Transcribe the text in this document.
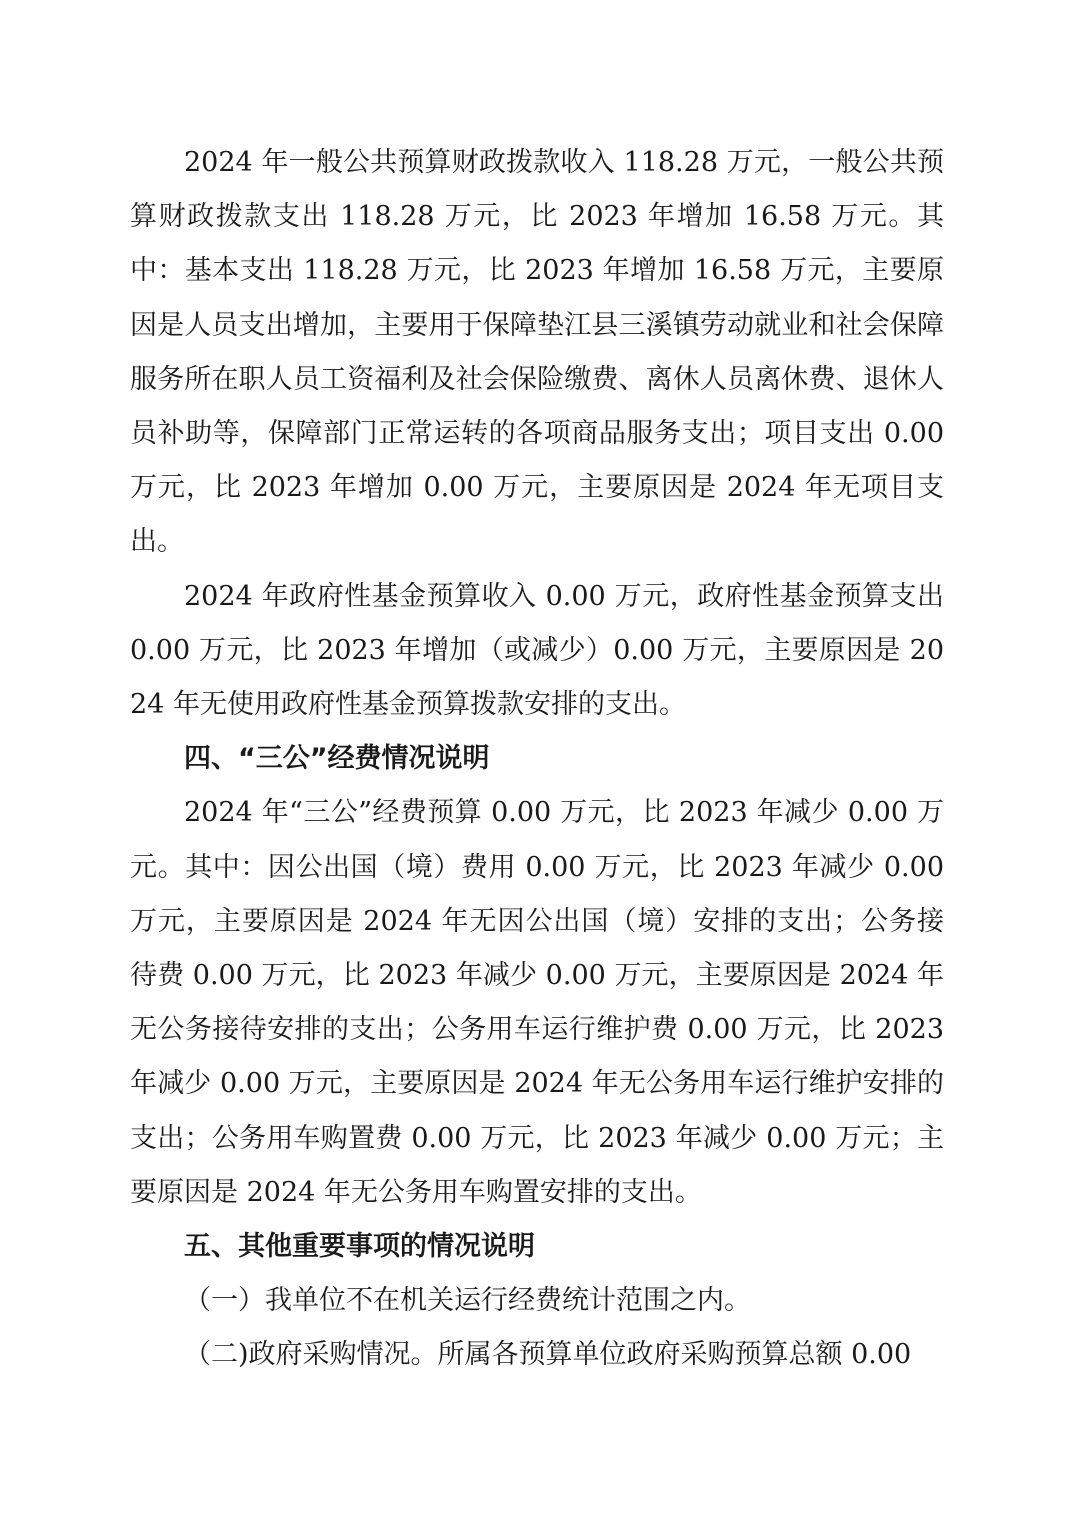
2024 年一般公共预算财政拨款收入 118.28 万元，一般公共预算财政拨款支出 118.28 万元，比 2023 年增加 16.58 万元。其中：基本支出 118.28 万元，比 2023 年增加 16.58 万元，主要原因是人员支出增加，主要用于保障垫江县三溪镇劳动就业和社会保障服务所在职人员工资福利及社会保险缴费、离休人员离休费、退休人员补助等，保障部门正常运转的各项商品服务支出；项目支出 0.00 万元，比 2023 年增加 0.00 万元，主要原因是 2024 年无项目支出。

2024 年政府性基金预算收入 0.00 万元，政府性基金预算支出 0.00 万元，比 2023 年增加（或减少）0.00 万元，主要原因是 2024 年无使用政府性基金预算拨款安排的支出。

四、“三公”经费情况说明

2024 年“三公”经费预算 0.00 万元，比 2023 年减少 0.00 万元。其中：因公出国（境）费用 0.00 万元，比 2023 年减少 0.00 万元，主要原因是 2024 年无因公出国（境）安排的支出；公务接待费 0.00 万元，比 2023 年减少 0.00 万元，主要原因是 2024 年无公务接待安排的支出；公务用车运行维护费 0.00 万元，比 2023 年减少 0.00 万元，主要原因是 2024 年无公务用车运行维护安排的支出；公务用车购置费 0.00 万元，比 2023 年减少 0.00 万元；主要原因是 2024 年无公务用车购置安排的支出。

五、其他重要事项的情况说明

（一）我单位不在机关运行经费统计范围之内。

（二)政府采购情况。所属各预算单位政府采购预算总额 0.00
